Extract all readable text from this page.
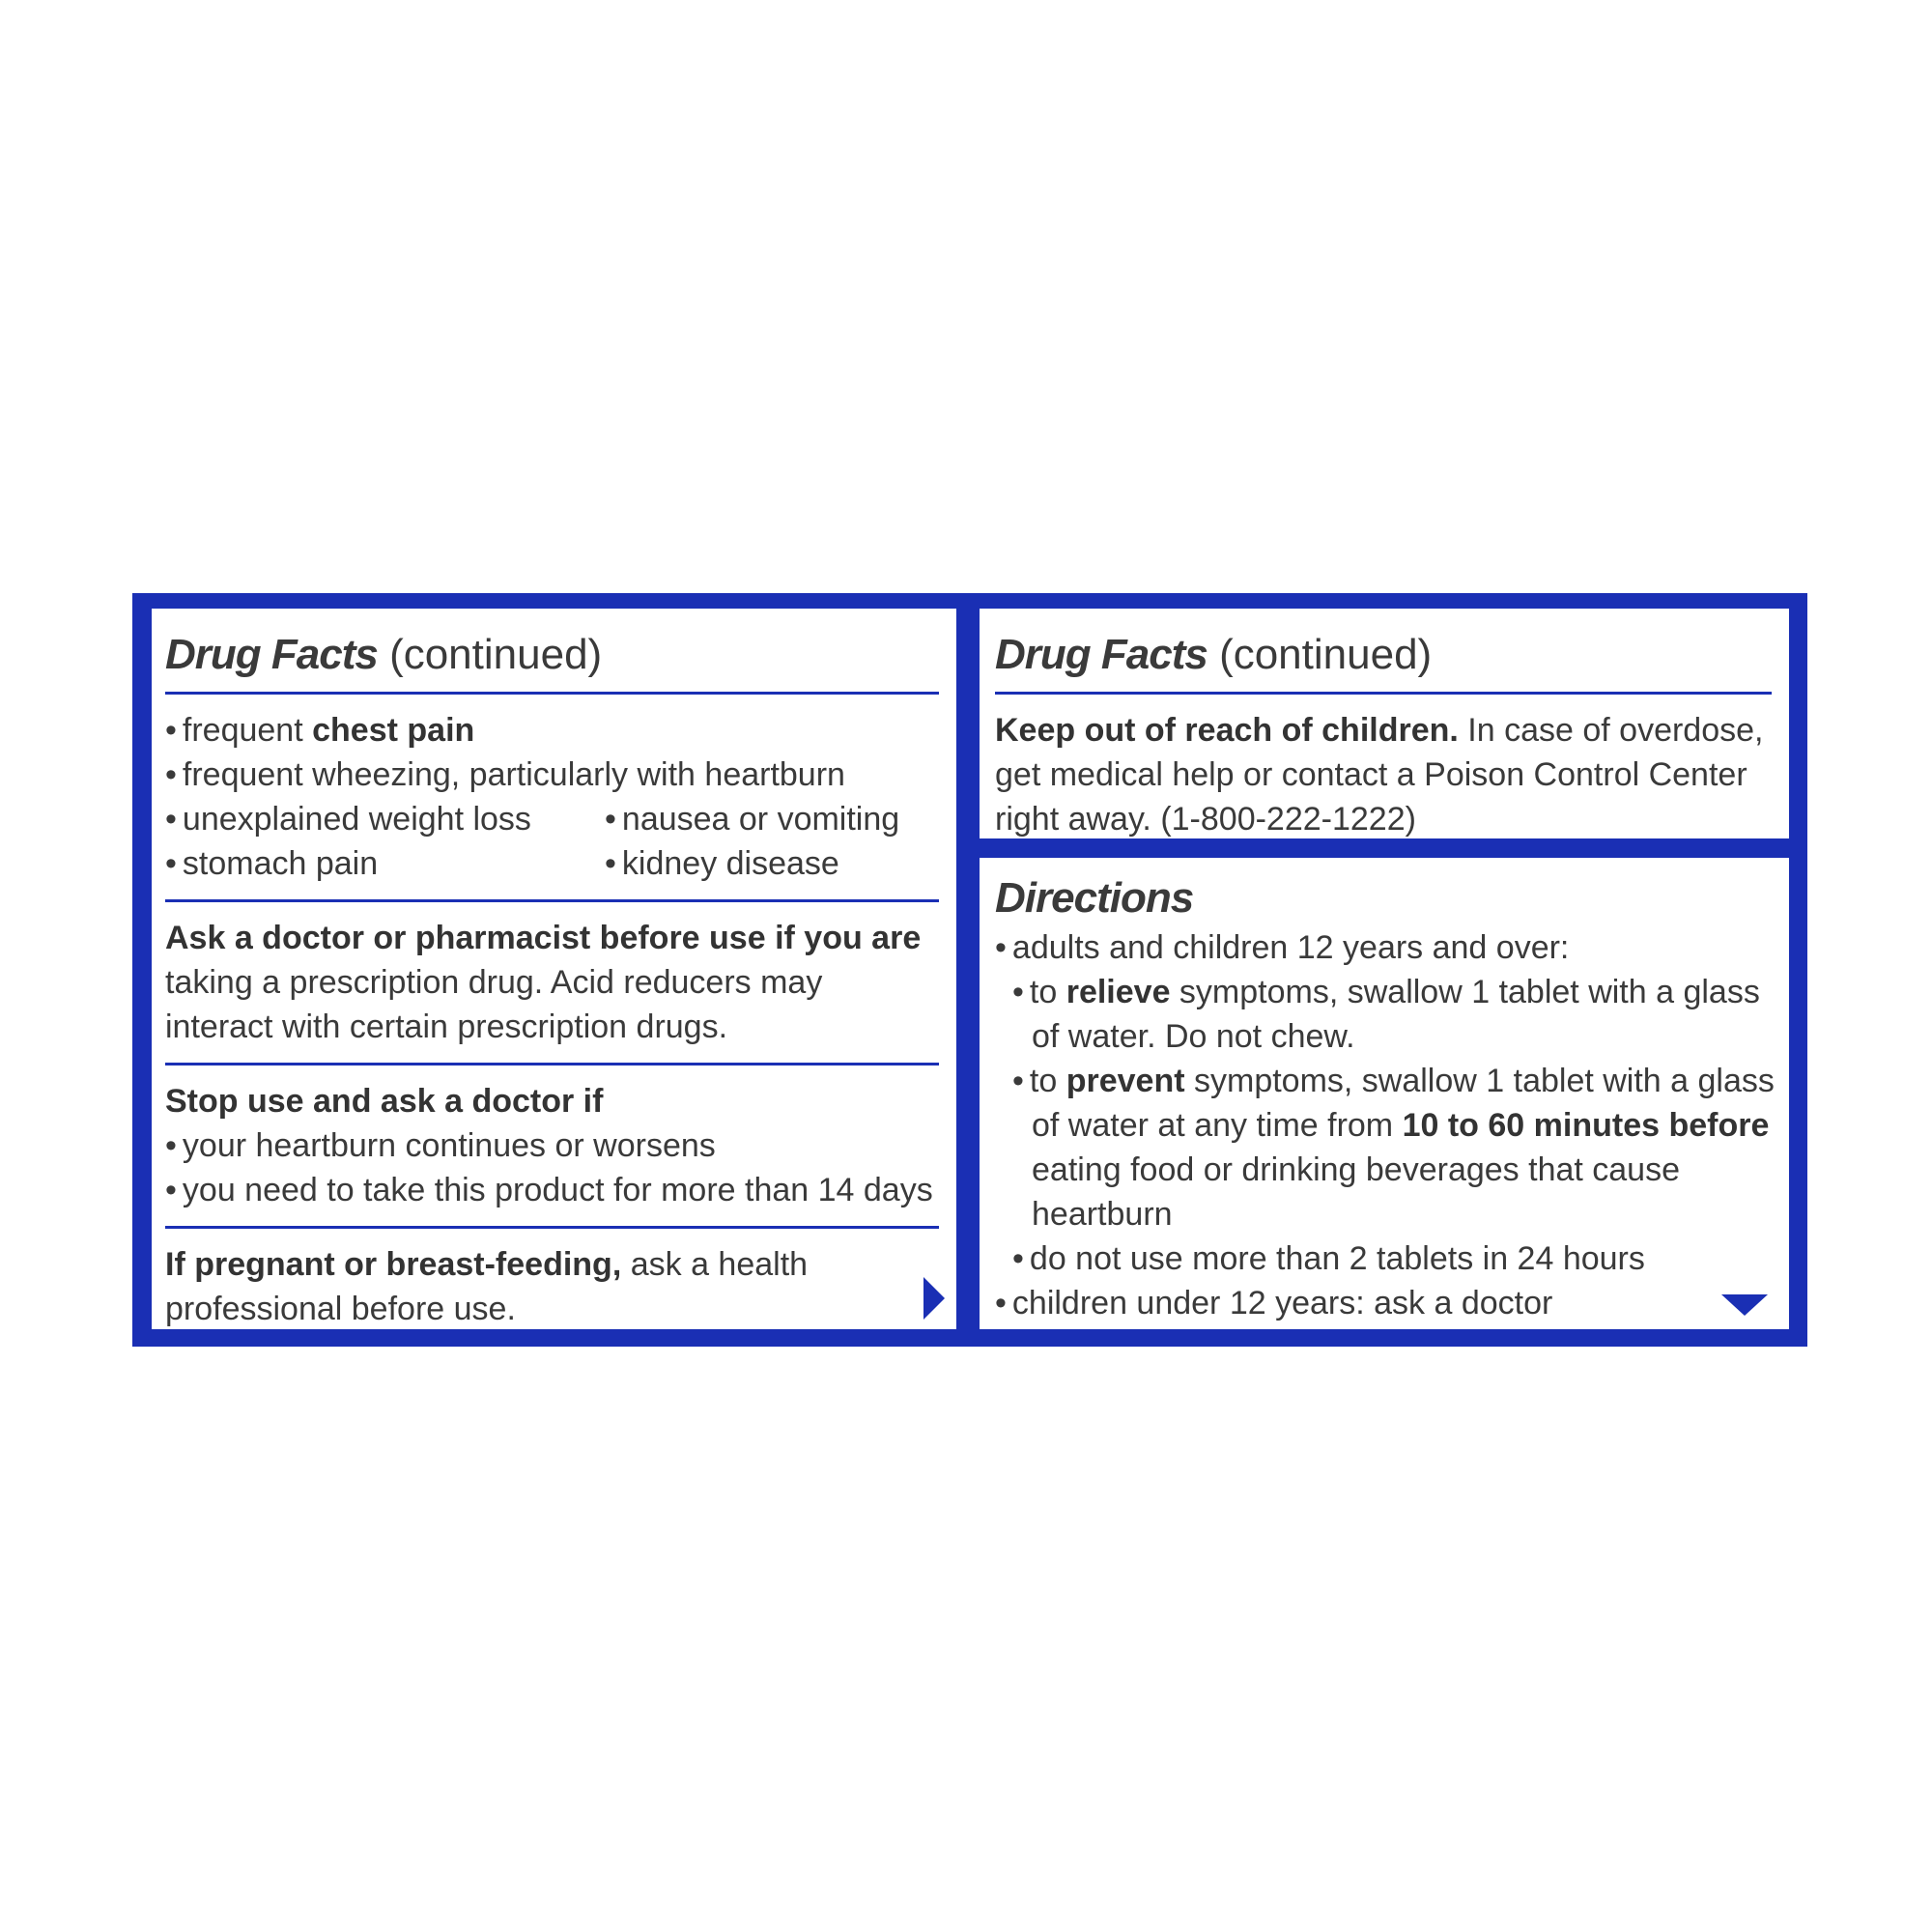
Drug Facts (continued)
• frequent chest pain
• frequent wheezing, particularly with heartburn
• unexplained weight loss	• nausea or vomiting
• stomach pain	• kidney disease
Ask a doctor or pharmacist before use if you are
taking a prescription drug. Acid reducers may
interact with certain prescription drugs.
Stop use and ask a doctor if
• your heartburn continues or worsens
• you need to take this product for more than 14 days
If pregnant or breast-feeding, ask a health
professional before use.
Drug Facts (continued)
Keep out of reach of children. In case of overdose,
get medical help or contact a Poison Control Center
right away. (1-800-222-1222)
Directions
• adults and children 12 years and over:
• to relieve symptoms, swallow 1 tablet with a glass
of water. Do not chew.
• to prevent symptoms, swallow 1 tablet with a glass
of water at any time from 10 to 60 minutes before
eating food or drinking beverages that cause
heartburn
• do not use more than 2 tablets in 24 hours
• children under 12 years: ask a doctor
